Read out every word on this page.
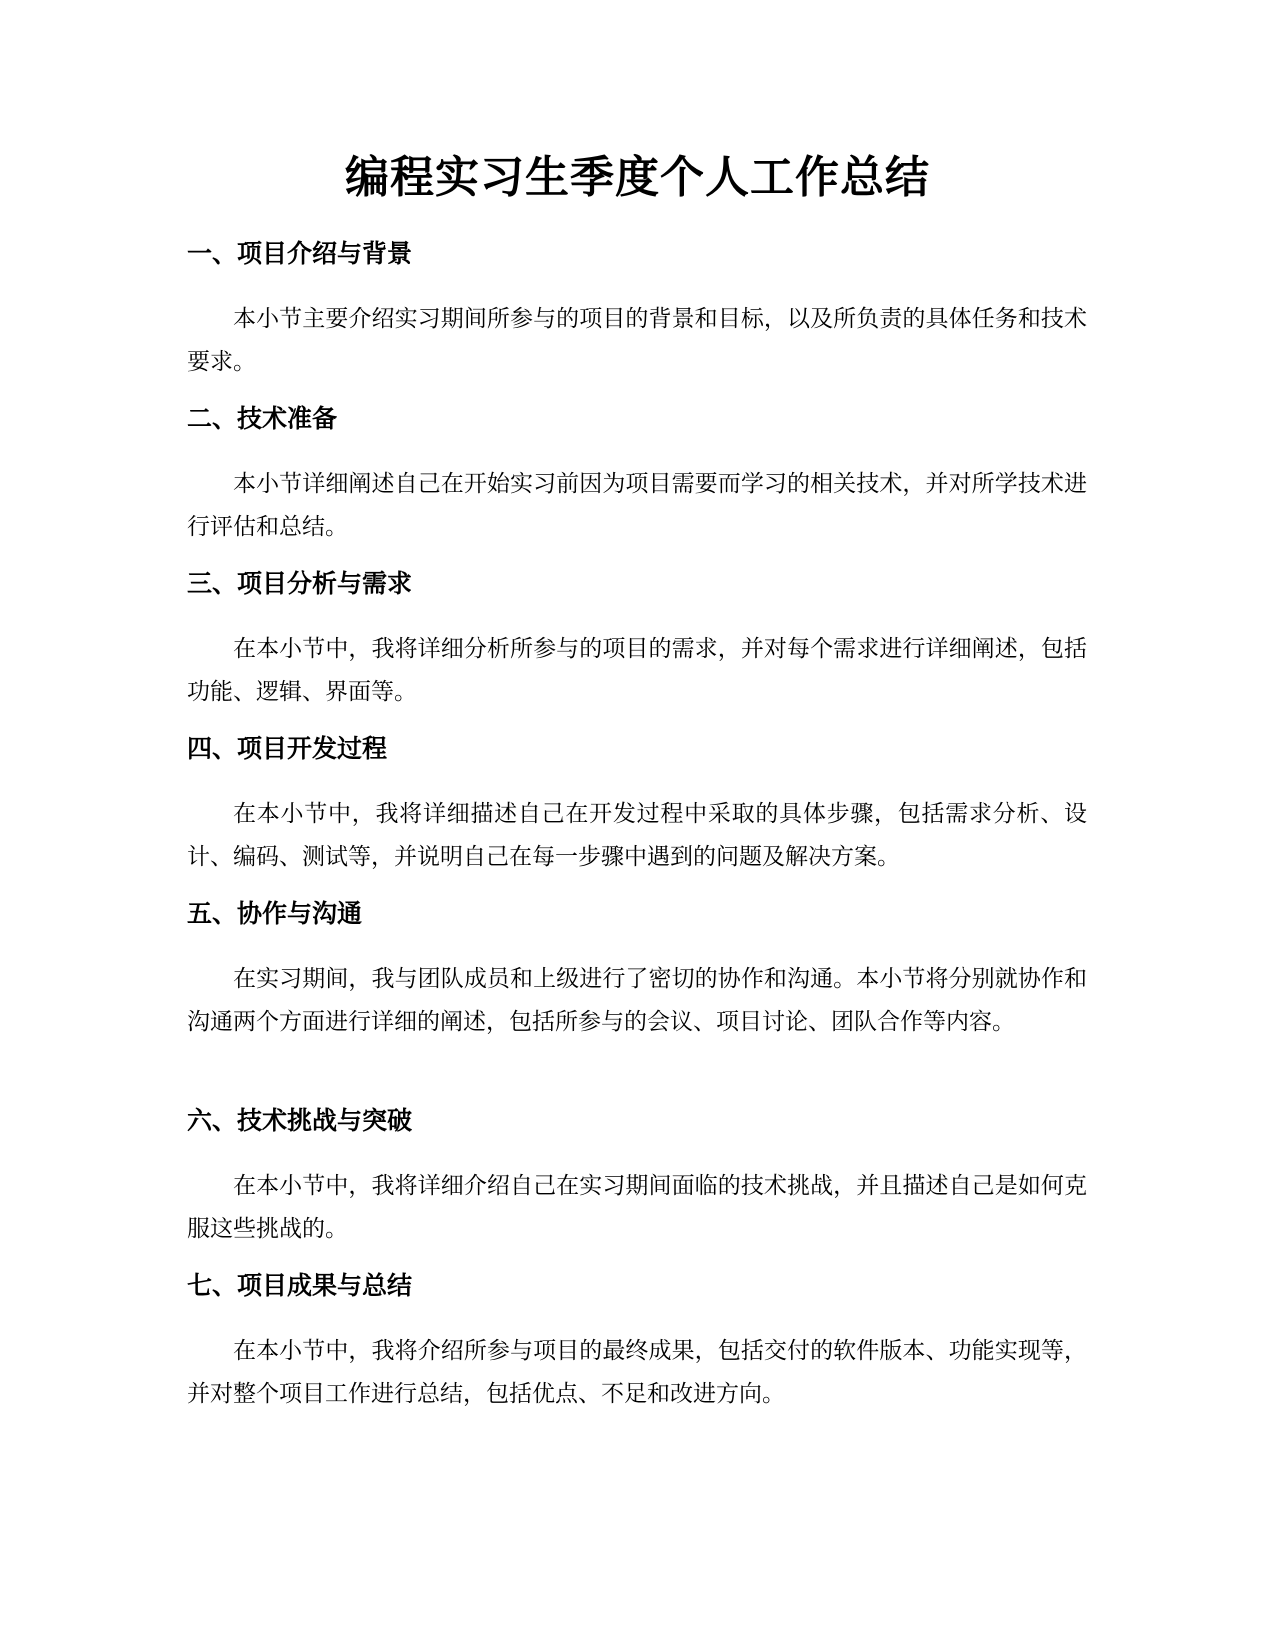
编程实习生季度个人工作总结
一、项目介绍与背景

本小节主要介绍实习期间所参与的项目的背景和目标，以及所负责的具体任务和技术要求。

二、技术准备

本小节详细阐述自己在开始实习前因为项目需要而学习的相关技术，并对所学技术进行评估和总结。

三、项目分析与需求

在本小节中，我将详细分析所参与的项目的需求，并对每个需求进行详细阐述，包括功能、逻辑、界面等。

四、项目开发过程

在本小节中，我将详细描述自己在开发过程中采取的具体步骤，包括需求分析、设计、编码、测试等，并说明自己在每一步骤中遇到的问题及解决方案。

五、协作与沟通

在实习期间，我与团队成员和上级进行了密切的协作和沟通。本小节将分别就协作和沟通两个方面进行详细的阐述，包括所参与的会议、项目讨论、团队合作等内容。

六、技术挑战与突破

在本小节中，我将详细介绍自己在实习期间面临的技术挑战，并且描述自己是如何克服这些挑战的。

七、项目成果与总结

在本小节中，我将介绍所参与项目的最终成果，包括交付的软件版本、功能实现等，并对整个项目工作进行总结，包括优点、不足和改进方向。
